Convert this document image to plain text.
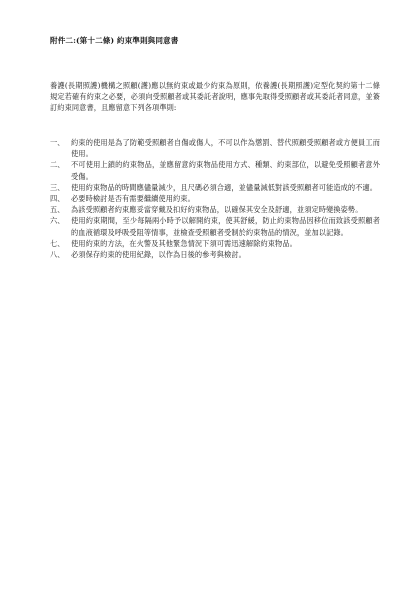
附件二:(第十二條) 約束準則與同意書
養護(長期照護)機構之照顧(護)應以無約束或最少約束為原則，依養護(長期照護)定型化契約第十二條規定若確有約束之必要，必須向受照顧者或其委託者說明，應事先取得受照顧者或其委託者同意，並簽訂約束同意書，且應留意下列各項準則:
一、 約束的使用是為了防範受照顧者自傷或傷人，不可以作為懲罰、替代照顧受照顧者或方便員工而使用。
二、 不可使用上鎖的約束物品，並應留意約束物品使用方式、種類、約束部位，以避免受照顧者意外受傷。
三、 使用約束物品的時間應儘量減少，且尺碼必須合適，並儘量減低對該受照顧者可能造成的不適。
四、 必要時檢討是否有需要繼續使用約束。
五、 為該受照顧者約束應妥當穿戴及扣好約束物品，以確保其安全及舒適，並須定時變換姿勢。
六、 使用約束期間，至少每隔兩小時予以解開約束，使其舒緩，防止約束物品因移位而致該受照顧者的血液循環及呼吸受阻等情事，並檢查受照顧者受制於約束物品的情況，並加以記錄。
七、 使用約束的方法，在火警及其他緊急情況下須可需迅速解除約束物品。
八、 必須保存約束的使用紀錄，以作為日後的參考與檢討。
